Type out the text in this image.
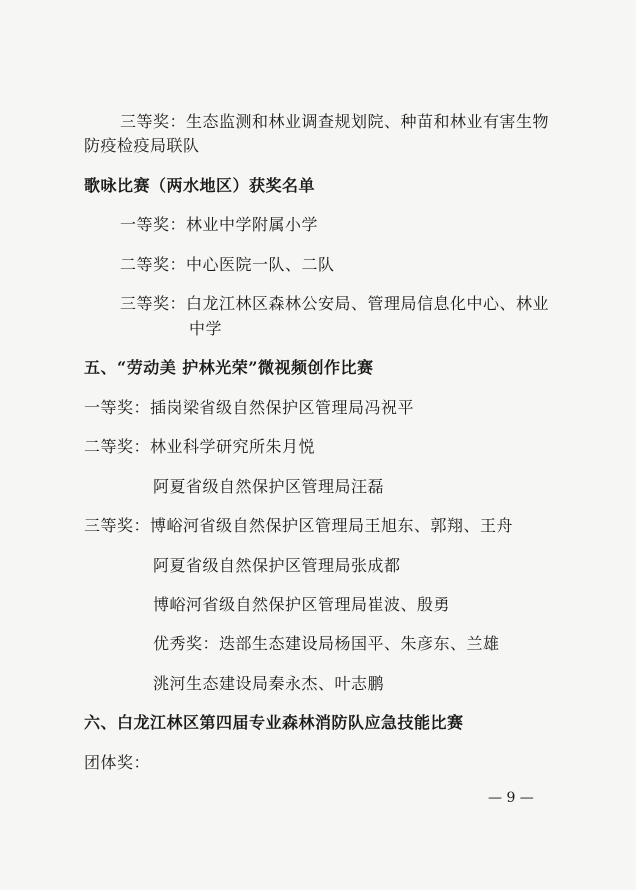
三等奖：生态监测和林业调查规划院、种苗和林业有害生物
防疫检疫局联队
歌咏比赛（两水地区）获奖名单
一等奖：林业中学附属小学
二等奖：中心医院一队、二队
三等奖：白龙江林区森林公安局、管理局信息化中心、林业
中学
五、“劳动美 护林光荣”微视频创作比赛
一等奖：插岗梁省级自然保护区管理局冯祝平
二等奖：林业科学研究所朱月悦
阿夏省级自然保护区管理局汪磊
三等奖：博峪河省级自然保护区管理局王旭东、郭翔、王舟
阿夏省级自然保护区管理局张成都
博峪河省级自然保护区管理局崔波、殷勇
优秀奖：迭部生态建设局杨国平、朱彦东、兰雄
洮河生态建设局秦永杰、叶志鹏
六、白龙江林区第四届专业森林消防队应急技能比赛
团体奖：
— 9 —
